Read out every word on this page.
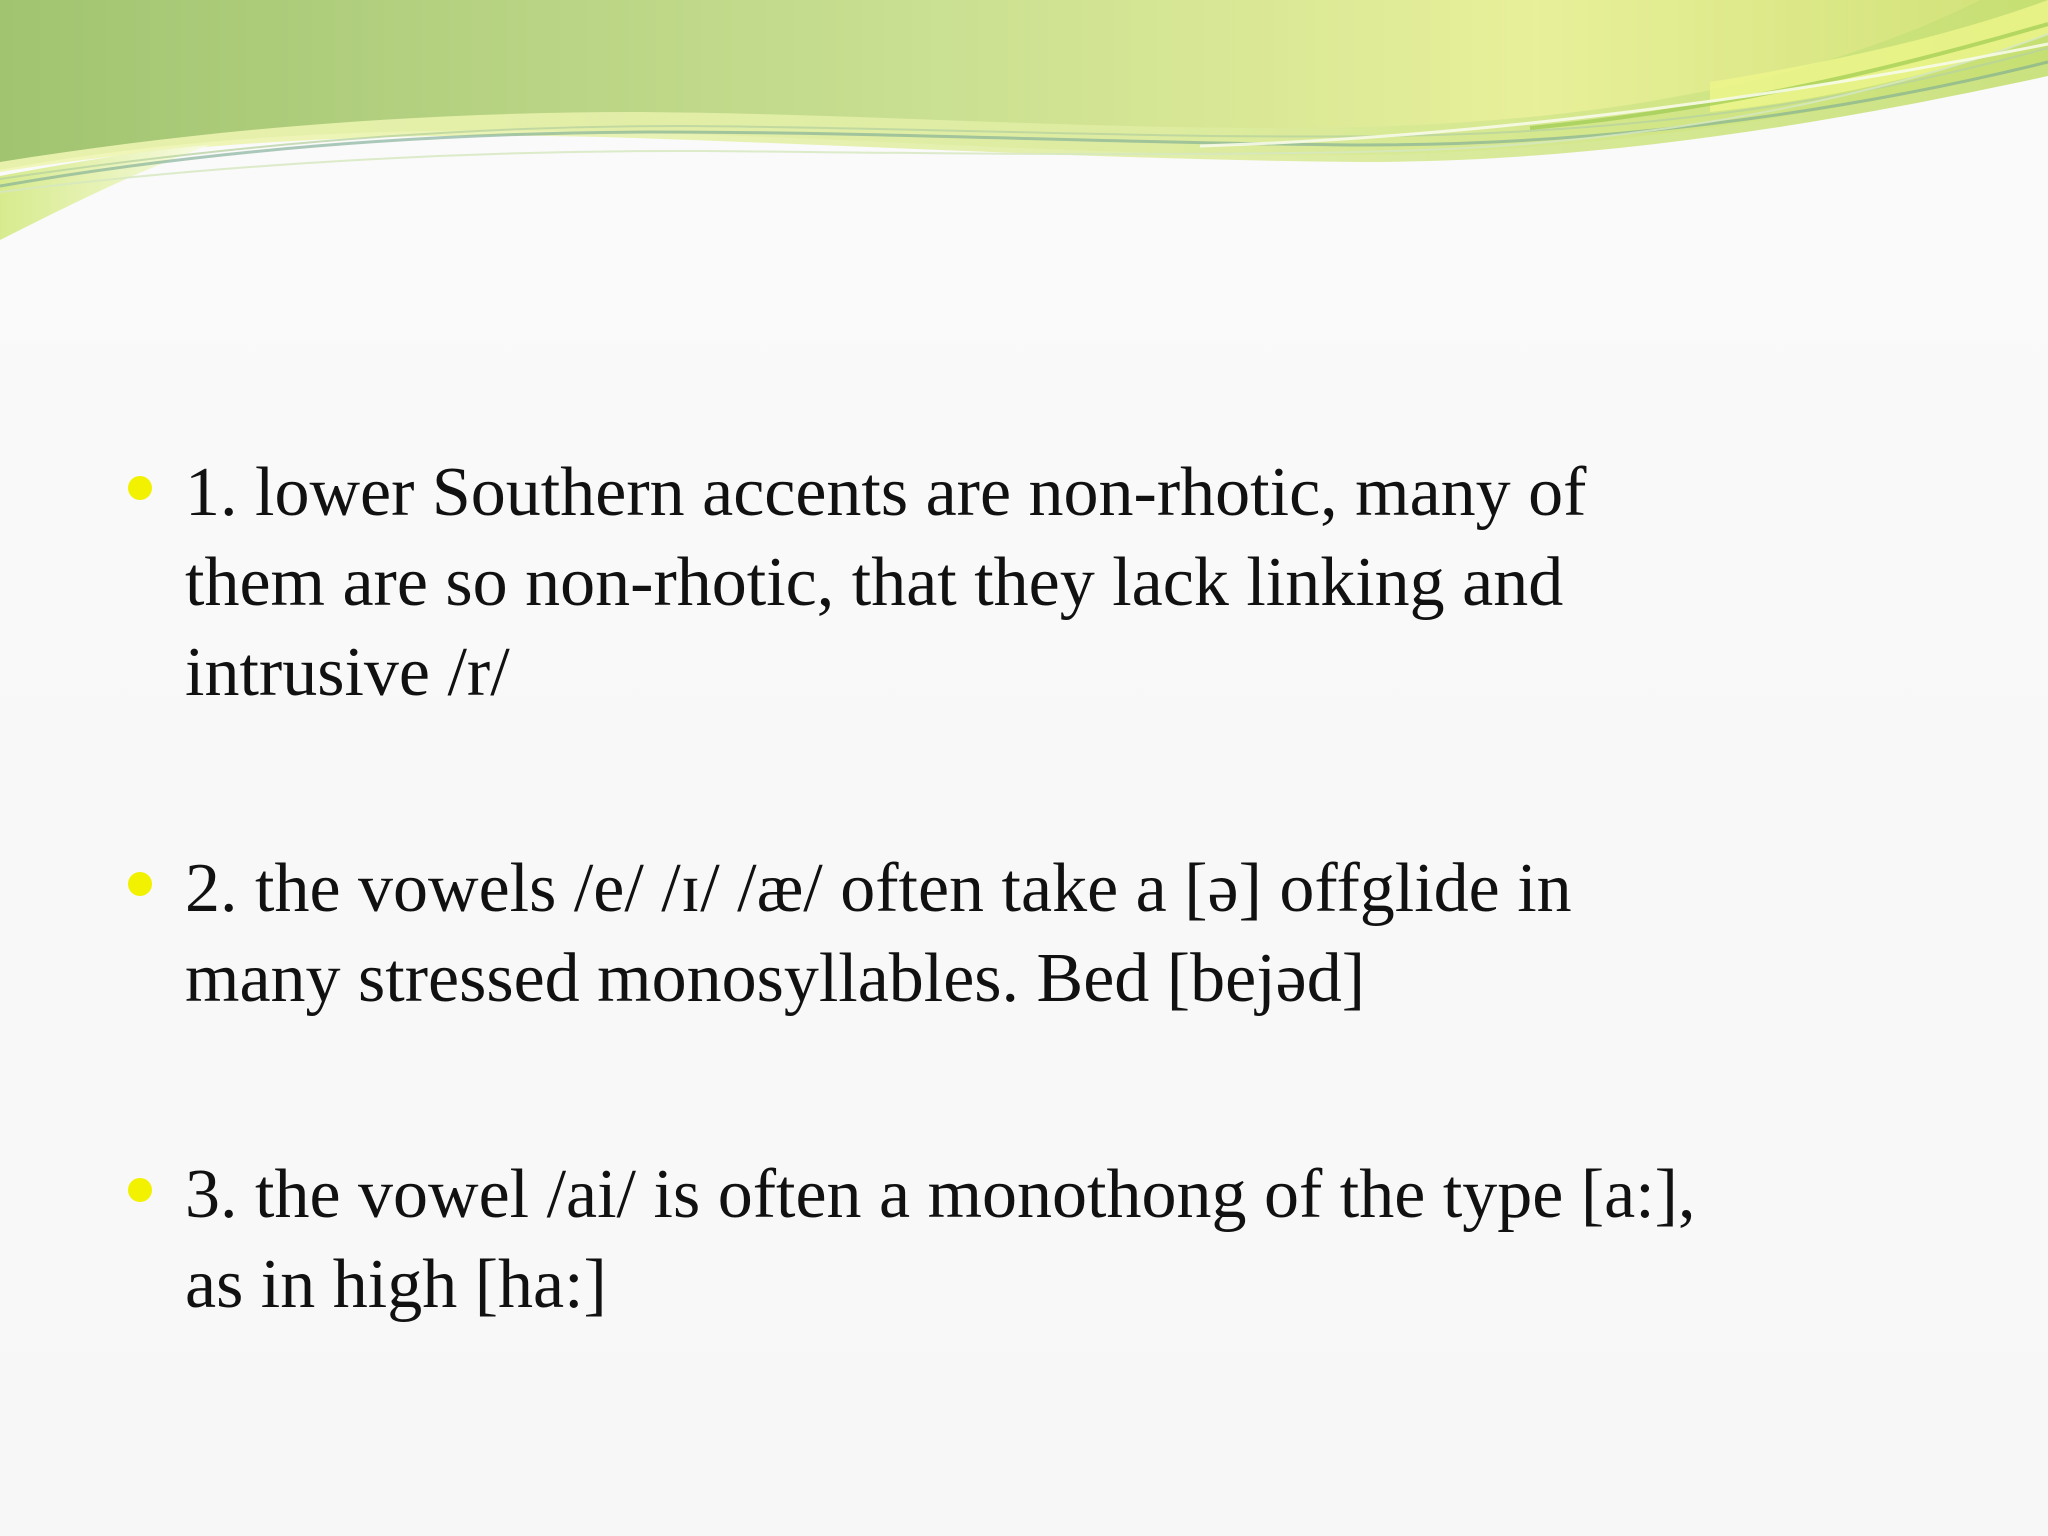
1. lower Southern accents are non-rhotic, many of
them are so non-rhotic, that they lack linking and
intrusive /r/
2. the vowels /e/ /ɪ/ /æ/ often take a [ə] offglide in
many stressed monosyllables. Bed [bejəd]
3. the vowel /ai/ is often a monothong of the type [a:],
as in high [ha:]
